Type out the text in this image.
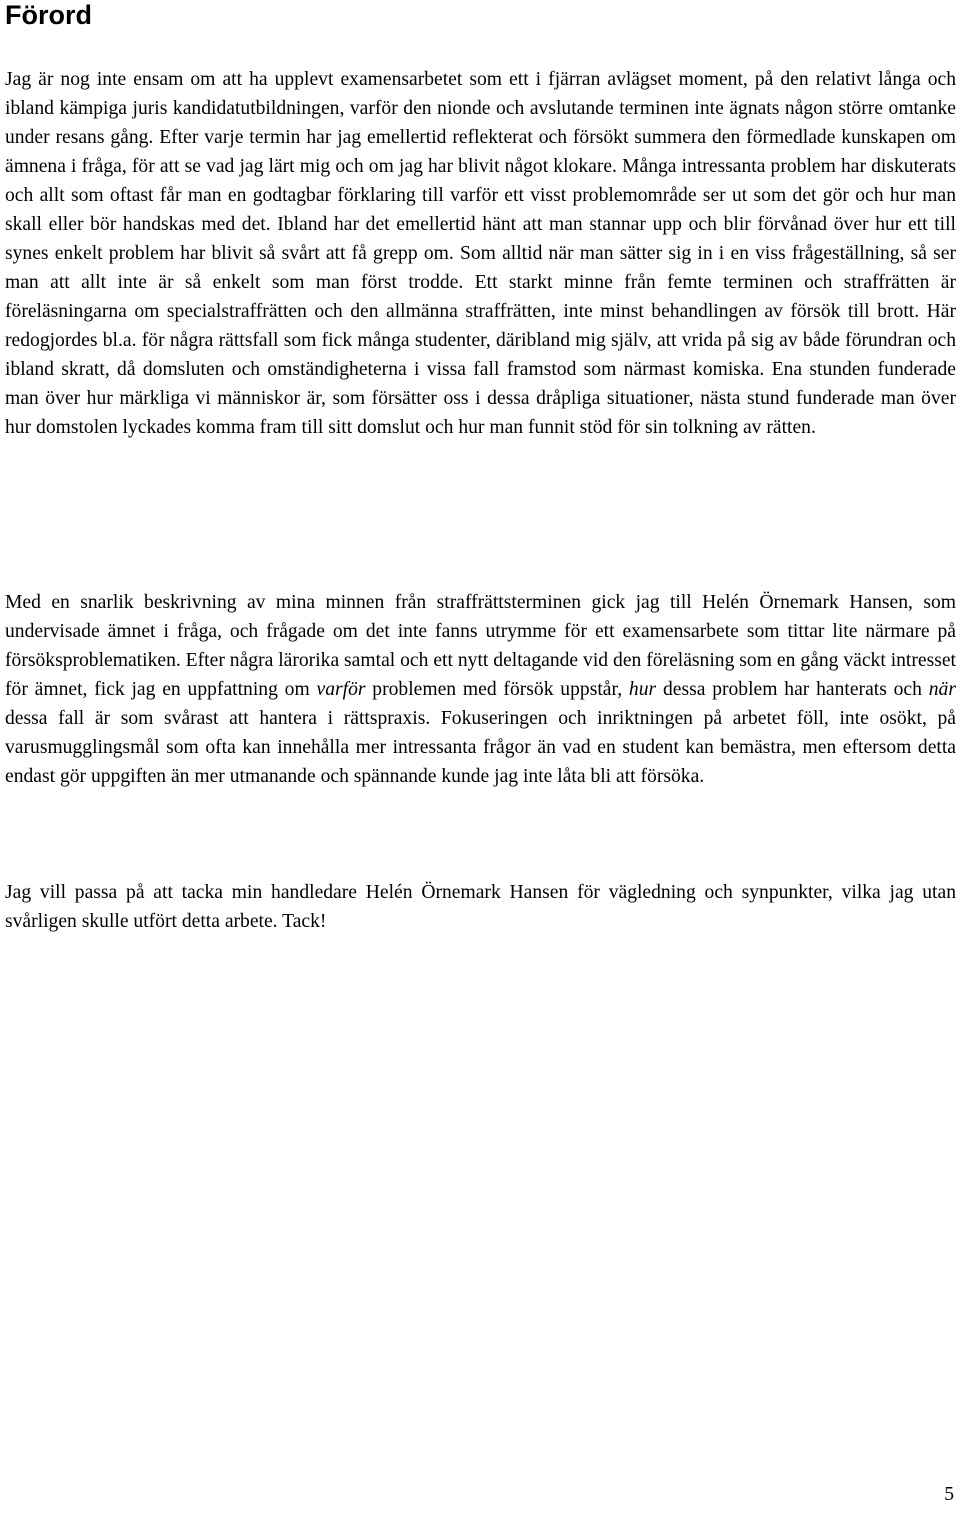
Förord

Jag är nog inte ensam om att ha upplevt examensarbetet som ett i fjärran avlägset moment, på den relativt långa och ibland kämpiga juris kandidatutbildningen, varför den nionde och avslutande terminen inte ägnats någon större omtanke under resans gång. Efter varje termin har jag emellertid reflekterat och försökt summera den förmedlade kunskapen om ämnena i fråga, för att se vad jag lärt mig och om jag har blivit något klokare. Många intressanta problem har diskuterats och allt som oftast får man en godtagbar förklaring till varför ett visst problemområde ser ut som det gör och hur man skall eller bör handskas med det. Ibland har det emellertid hänt att man stannar upp och blir förvånad över hur ett till synes enkelt problem har blivit så svårt att få grepp om. Som alltid när man sätter sig in i en viss frågeställning, så ser man att allt inte är så enkelt som man först trodde. Ett starkt minne från femte terminen och straffrätten är föreläsningarna om specialstraffrätten och den allmänna straffrätten, inte minst behandlingen av försök till brott. Här redogjordes bl.a. för några rättsfall som fick många studenter, däribland mig själv, att vrida på sig av både förundran och ibland skratt, då domsluten och omständigheterna i vissa fall framstod som närmast komiska. Ena stunden funderade man över hur märkliga vi människor är, som försätter oss i dessa dråpliga situationer, nästa stund funderade man över hur domstolen lyckades komma fram till sitt domslut och hur man funnit stöd för sin tolkning av rätten.

Med en snarlik beskrivning av mina minnen från straffrättsterminen gick jag till Helén Örnemark Hansen, som undervisade ämnet i fråga, och frågade om det inte fanns utrymme för ett examensarbete som tittar lite närmare på försöksproblematiken. Efter några lärorika samtal och ett nytt deltagande vid den föreläsning som en gång väckt intresset för ämnet, fick jag en uppfattning om varför problemen med försök uppstår, hur dessa problem har hanterats och när dessa fall är som svårast att hantera i rättspraxis. Fokuseringen och inriktningen på arbetet föll, inte osökt, på varusmugglingsmål som ofta kan innehålla mer intressanta frågor än vad en student kan bemästra, men eftersom detta endast gör uppgiften än mer utmanande och spännande kunde jag inte låta bli att försöka.

Jag vill passa på att tacka min handledare Helén Örnemark Hansen för vägledning och synpunkter, vilka jag utan svårligen skulle utfört detta arbete. Tack!

5
